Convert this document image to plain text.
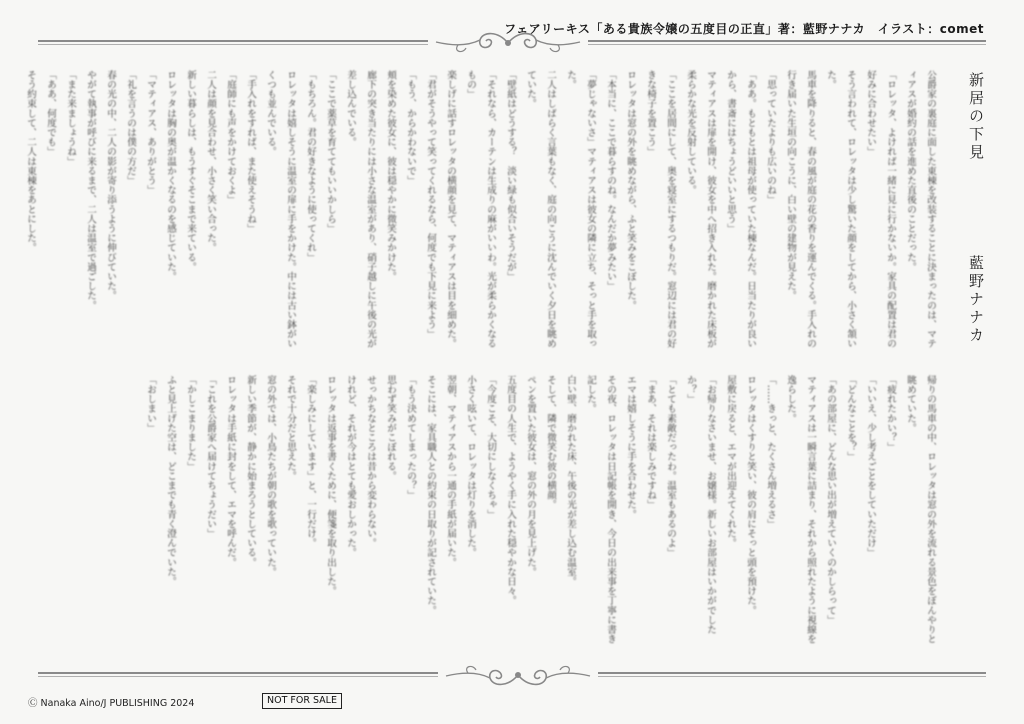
フェアリーキス「ある貴族令嬢の五度目の正直」著：藍野ナナカ　イラスト：comet
新居の下見
藍野ナナカ
公爵家の裏庭に面した東棟を改装することに決まったのは、マティアスが婚約の話を進めた直後のことだった。
「ロレッタ、よければ一緒に見に行かないか。家具の配置は君の好みに合わせたい」
そう言われて、ロレッタは少し驚いた顔をしてから、小さく頷いた。
馬車を降りると、春の風が庭の花の香りを運んでくる。手入れの行き届いた生垣の向こうに、白い壁の建物が見えた。
「思っていたよりも広いのね」
「ああ。もともとは祖母が使っていた棟なんだ。日当たりが良いから、書斎にはちょうどいいと思う」
マティアスは扉を開け、彼女を中へ招き入れた。磨かれた床板が柔らかな光を反射している。
「ここを居間にして、奥を寝室にするつもりだ。窓辺には君の好きな椅子を置こう」
ロレッタは窓の外を眺めながら、ふと笑みをこぼした。
「本当に、ここで暮らすのね。なんだか夢みたい」
「夢じゃないさ」マティアスは彼女の隣に立ち、そっと手を取った。
二人はしばらく言葉もなく、庭の向こうに沈んでいく夕日を眺めていた。
「壁紙はどうする？　淡い緑も似合いそうだが」
「それなら、カーテンは生成りの麻がいいわ。光が柔らかくなるもの」
楽しげに話すロレッタの横顔を見て、マティアスは目を細めた。
「君がそうやって笑ってくれるなら、何度でも下見に来よう」
「もう、からかわないで」
頬を染めた彼女に、彼は穏やかに微笑みかけた。
廊下の突き当たりには小さな温室があり、硝子越しに午後の光が差し込んでいる。
「ここで薬草を育ててもいいかしら」
「もちろん。君の好きなように使ってくれ」
ロレッタは嬉しそうに温室の扉に手をかけた。中には古い鉢がいくつも並んでいる。
「手入れをすれば、また使えそうね」
「庭師にも声をかけておくよ」
二人は顔を見合わせ、小さく笑い合った。
新しい暮らしは、もうすぐそこまで来ている。
ロレッタは胸の奥が温かくなるのを感じていた。
「マティアス、ありがとう」
「礼を言うのは僕の方だ」
春の光の中、二人の影が寄り添うように伸びていた。
やがて執事が呼びに来るまで、二人は温室で過ごした。
「また来ましょうね」
「ああ、何度でも」
そう約束して、二人は東棟をあとにした。
帰りの馬車の中、ロレッタは窓の外を流れる景色をぼんやりと眺めていた。
「疲れたかい？」
「いいえ、少し考えごとをしていただけ」
「どんなことを？」
「あの部屋に、どんな思い出が増えていくのかしらって」
マティアスは一瞬言葉に詰まり、それから照れたように視線を逸らした。
「……きっと、たくさん増えるさ」
ロレッタはくすりと笑い、彼の肩にそっと頭を預けた。
屋敷に戻ると、エマが出迎えてくれた。
「お帰りなさいませ、お嬢様。新しいお部屋はいかがでしたか？」
「とても素敵だったわ。温室もあるのよ」
「まあ、それは楽しみですね」
エマは嬉しそうに手を合わせた。
その夜、ロレッタは日記帳を開き、今日の出来事を丁寧に書き記した。
白い壁、磨かれた床、午後の光が差し込む温室。
そして、隣で微笑む彼の横顔。
ペンを置いた彼女は、窓の外の月を見上げた。
五度目の人生で、ようやく手に入れた穏やかな日々。
「今度こそ、大切にしなくちゃ」
小さく呟いて、ロレッタは灯りを消した。
翌朝、マティアスから一通の手紙が届いた。
そこには、家具職人との約束の日取りが記されていた。
「もう決めてしまったの？」
思わず笑みがこぼれる。
せっかちなところは昔から変わらない。
けれど、それが今はとても愛おしかった。
ロレッタは返事を書くために、便箋を取り出した。
「楽しみにしています」と、一行だけ。
それで十分だと思えた。
窓の外では、小鳥たちが朝の歌を歌っていた。
新しい季節が、静かに始まろうとしている。
ロレッタは手紙に封をして、エマを呼んだ。
「これを公爵家へ届けてちょうだい」
「かしこまりました」
ふと見上げた空は、どこまでも青く澄んでいた。
「おしまい」
Ⓒ Nanaka Aino/J PUBLISHING 2024	NOT FOR SALE
